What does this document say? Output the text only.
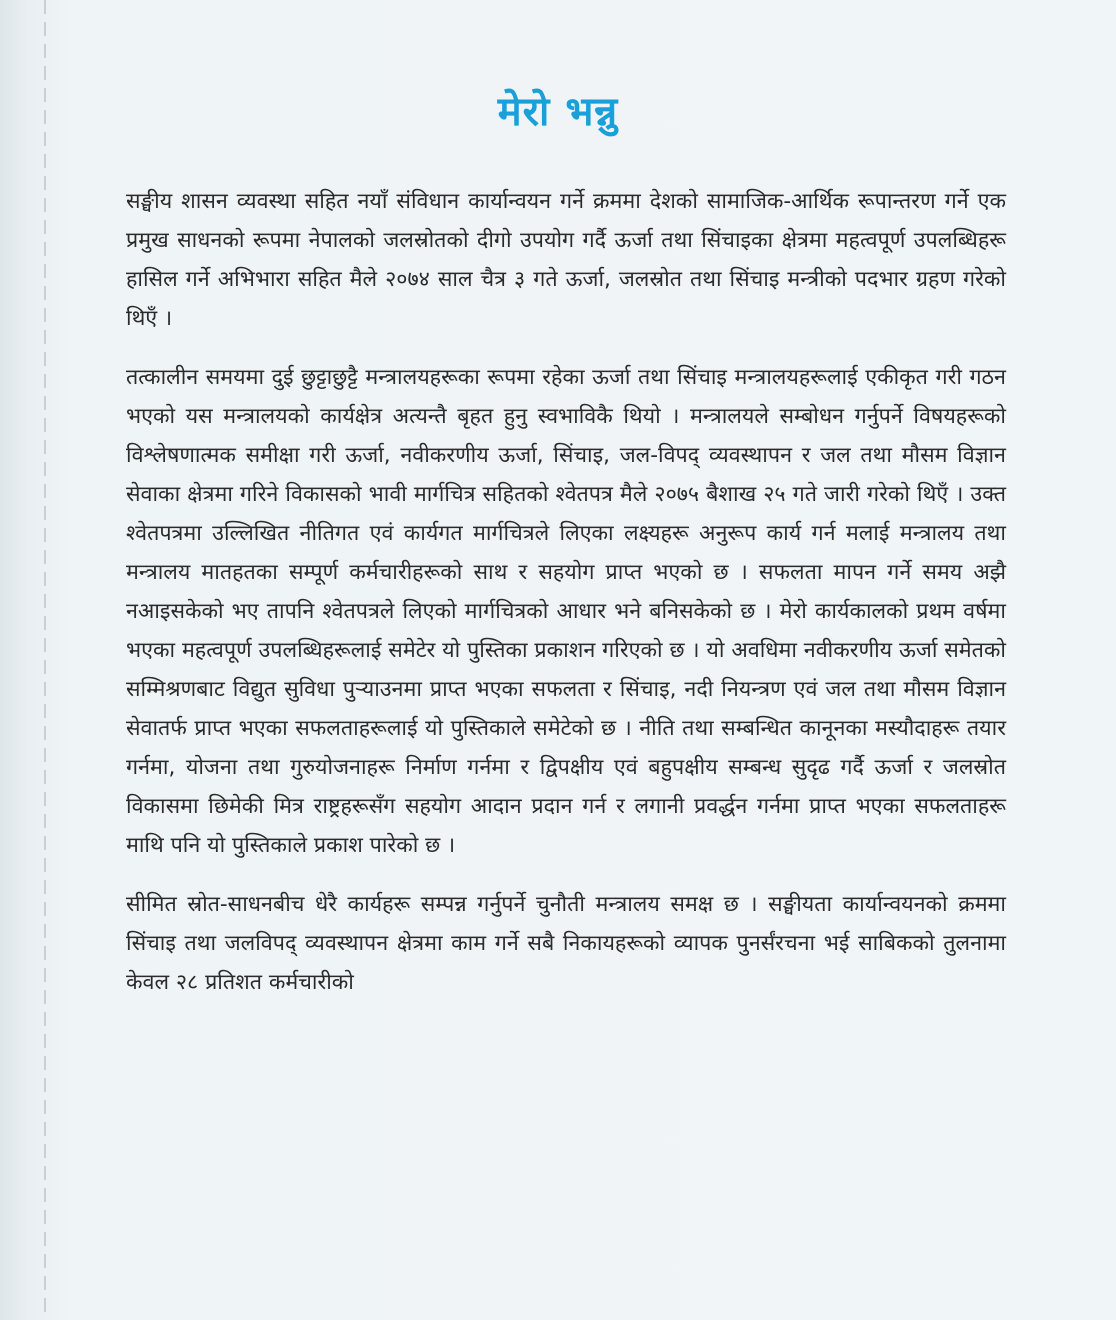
मेरो भन्नु

सङ्घीय शासन व्यवस्था सहित नयाँ संविधान कार्यान्वयन गर्ने क्रममा देशको सामाजिक-आर्थिक रूपान्तरण गर्ने एक प्रमुख साधनको रूपमा नेपालको जलस्रोतको दीगो उपयोग गर्दै ऊर्जा तथा सिंचाइका क्षेत्रमा महत्वपूर्ण उपलब्धिहरू हासिल गर्ने अभिभारा सहित मैले २०७४ साल चैत्र ३ गते ऊर्जा, जलस्रोत तथा सिंचाइ मन्त्रीको पदभार ग्रहण गरेको थिएँ ।

तत्कालीन समयमा दुई छुट्टाछुट्टै मन्त्रालयहरूका रूपमा रहेका ऊर्जा तथा सिंचाइ मन्त्रालयहरूलाई एकीकृत गरी गठन भएको यस मन्त्रालयको कार्यक्षेत्र अत्यन्तै बृहत हुनु स्वभाविकै थियो । मन्त्रालयले सम्बोधन गर्नुपर्ने विषयहरूको विश्लेषणात्मक समीक्षा गरी ऊर्जा, नवीकरणीय ऊर्जा, सिंचाइ, जल-विपद् व्यवस्थापन र जल तथा मौसम विज्ञान सेवाका क्षेत्रमा गरिने विकासको भावी मार्गचित्र सहितको श्वेतपत्र मैले २०७५ बैशाख २५ गते जारी गरेको थिएँ । उक्त श्वेतपत्रमा उल्लिखित नीतिगत एवं कार्यगत मार्गचित्रले लिएका लक्ष्यहरू अनुरूप कार्य गर्न मलाई मन्त्रालय तथा मन्त्रालय मातहतका सम्पूर्ण कर्मचारीहरूको साथ र सहयोग प्राप्त भएको छ । सफलता मापन गर्ने समय अझै नआइसकेको भए तापनि श्वेतपत्रले लिएको मार्गचित्रको आधार भने बनिसकेको छ । मेरो कार्यकालको प्रथम वर्षमा भएका महत्वपूर्ण उपलब्धिहरूलाई समेटेर यो पुस्तिका प्रकाशन गरिएको छ । यो अवधिमा नवीकरणीय ऊर्जा समेतको सम्मिश्रणबाट विद्युत सुविधा पुर्‍याउनमा प्राप्त भएका सफलता र सिंचाइ, नदी नियन्त्रण एवं जल तथा मौसम विज्ञान सेवातर्फ प्राप्त भएका सफलताहरूलाई यो पुस्तिकाले समेटेको छ । नीति तथा सम्बन्धित कानूनका मस्यौदाहरू तयार गर्नमा, योजना तथा गुरुयोजनाहरू निर्माण गर्नमा र द्विपक्षीय एवं बहुपक्षीय सम्बन्ध सुदृढ गर्दै ऊर्जा र जलस्रोत विकासमा छिमेकी मित्र राष्ट्रहरूसँग सहयोग आदान प्रदान गर्न र लगानी प्रवर्द्धन गर्नमा प्राप्त भएका सफलताहरू माथि पनि यो पुस्तिकाले प्रकाश पारेको छ ।

सीमित स्रोत-साधनबीच धेरै कार्यहरू सम्पन्न गर्नुपर्ने चुनौती मन्त्रालय समक्ष छ । सङ्घीयता कार्यान्वयनको क्रममा सिंचाइ तथा जलविपद् व्यवस्थापन क्षेत्रमा काम गर्ने सबै निकायहरूको व्यापक पुनर्संरचना भई साबिकको तुलनामा केवल २८ प्रतिशत कर्मचारीको
